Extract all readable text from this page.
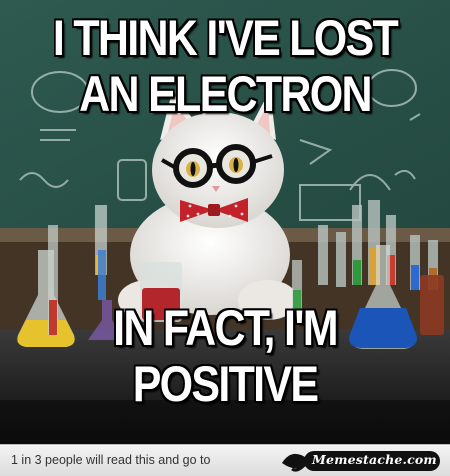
I THINK I'VE LOST AN ELECTRON
IN FACT, I'M POSITIVE
1 in 3 people will read this and go to	Memestache.com
